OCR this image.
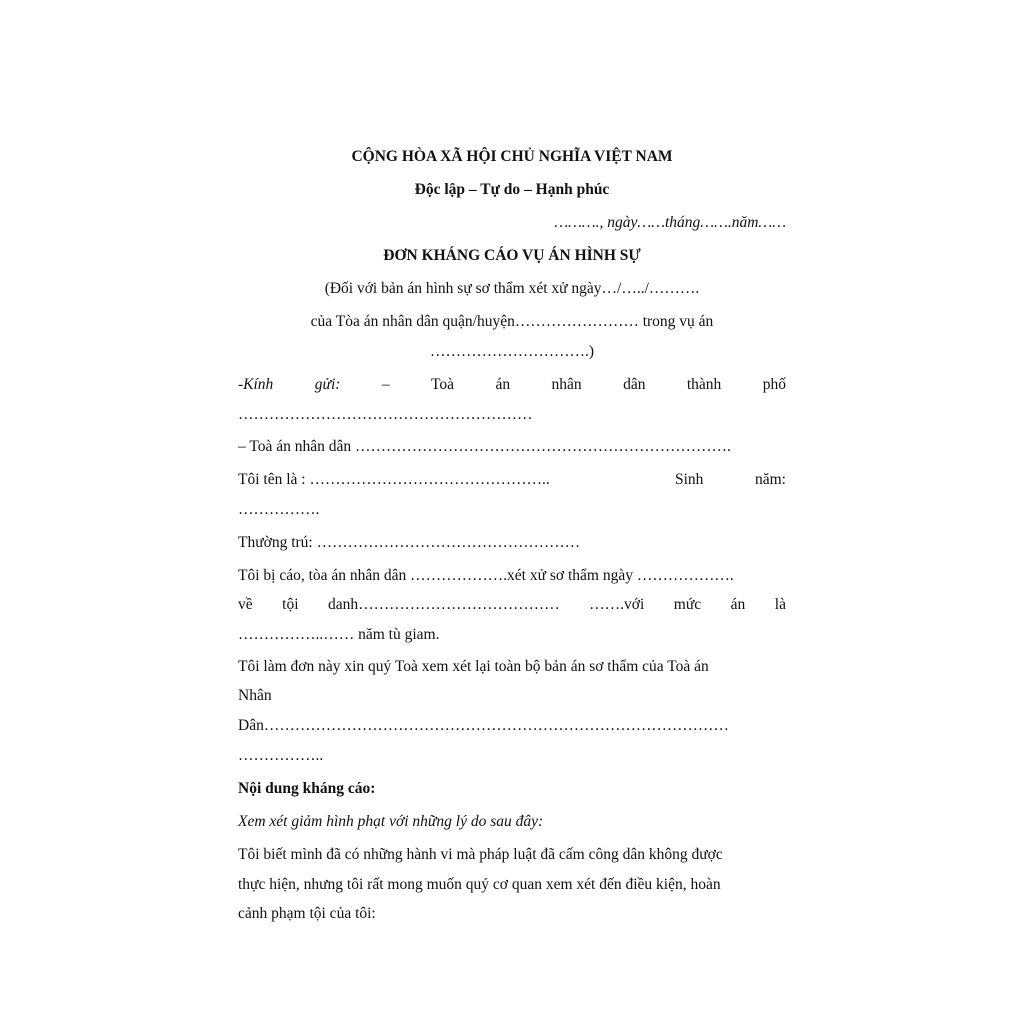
CỘNG HÒA XÃ HỘI CHỦ NGHĨA VIỆT NAM
Độc lập – Tự do – Hạnh phúc
………., ngày……tháng…….năm……
ĐƠN KHÁNG CÁO VỤ ÁN HÌNH SỰ
(Đối với bản án hình sự sơ thẩm xét xử ngày…/…../……….
của Tòa án nhân dân quận/huyện…………………… trong vụ án
………………………….)
-Kính	gửi:	–	Toà	án	nhân	dân	thành	phố
…………………………………………………
– Toà án nhân dân ……………………………………………………………….
Tôi tên là : ………………………………………..	Sinh	năm:
…………….
Thường trú: ……………………………………………
Tôi bị cáo, tòa án nhân dân ……………….xét xử sơ thẩm ngày ……………….
về tội danh………………………………… …….với mức án là
……………..…… năm tù giam.
Tôi làm đơn này xin quý Toà xem xét lại toàn bộ bản án sơ thẩm của Toà án
Nhân
Dân………………………………………………………………………………
……………..
Nội dung kháng cáo:
Xem xét giảm hình phạt với những lý do sau đây:
Tôi biết mình đã có những hành vi mà pháp luật đã cấm công dân không được
thực hiện, nhưng tôi rất mong muốn quý cơ quan xem xét đến điều kiện, hoàn
cảnh phạm tội của tôi:
